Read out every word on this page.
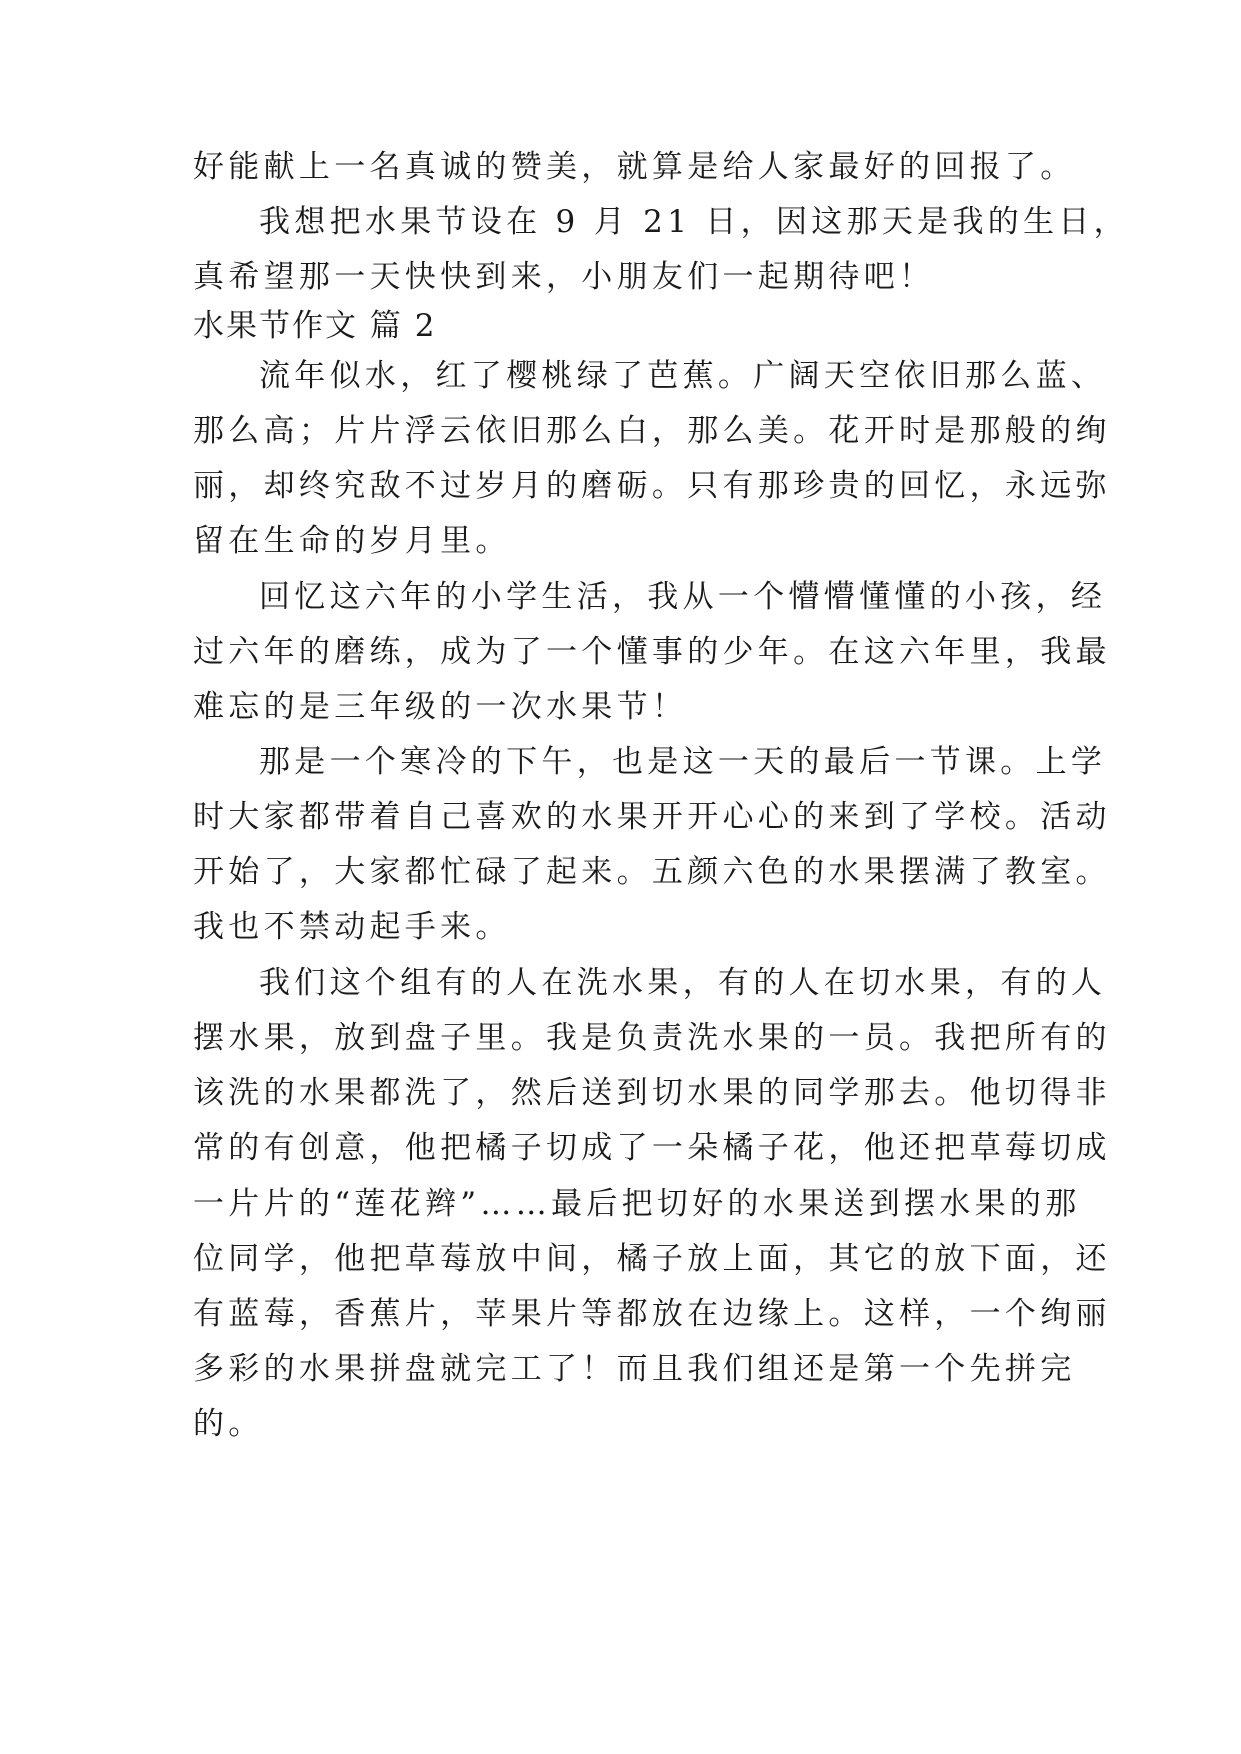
好能献上一名真诚的赞美，就算是给人家最好的回报了。
我想把水果节设在 9 月 21 日，因这那天是我的生日，
真希望那一天快快到来，小朋友们一起期待吧！
水果节作文 篇 2
流年似水，红了樱桃绿了芭蕉。广阔天空依旧那么蓝、
那么高；片片浮云依旧那么白，那么美。花开时是那般的绚
丽，却终究敌不过岁月的磨砺。只有那珍贵的回忆，永远弥
留在生命的岁月里。
回忆这六年的小学生活，我从一个懵懵懂懂的小孩，经
过六年的磨练，成为了一个懂事的少年。在这六年里，我最
难忘的是三年级的一次水果节！
那是一个寒冷的下午，也是这一天的最后一节课。上学
时大家都带着自己喜欢的水果开开心心的来到了学校。活动
开始了，大家都忙碌了起来。五颜六色的水果摆满了教室。
我也不禁动起手来。
我们这个组有的人在洗水果，有的人在切水果，有的人
摆水果，放到盘子里。我是负责洗水果的一员。我把所有的
该洗的水果都洗了，然后送到切水果的同学那去。他切得非
常的有创意，他把橘子切成了一朵橘子花，他还把草莓切成
一片片的“莲花辫”……最后把切好的水果送到摆水果的那
位同学，他把草莓放中间，橘子放上面，其它的放下面，还
有蓝莓，香蕉片，苹果片等都放在边缘上。这样，一个绚丽
多彩的水果拼盘就完工了！而且我们组还是第一个先拼完
的。
